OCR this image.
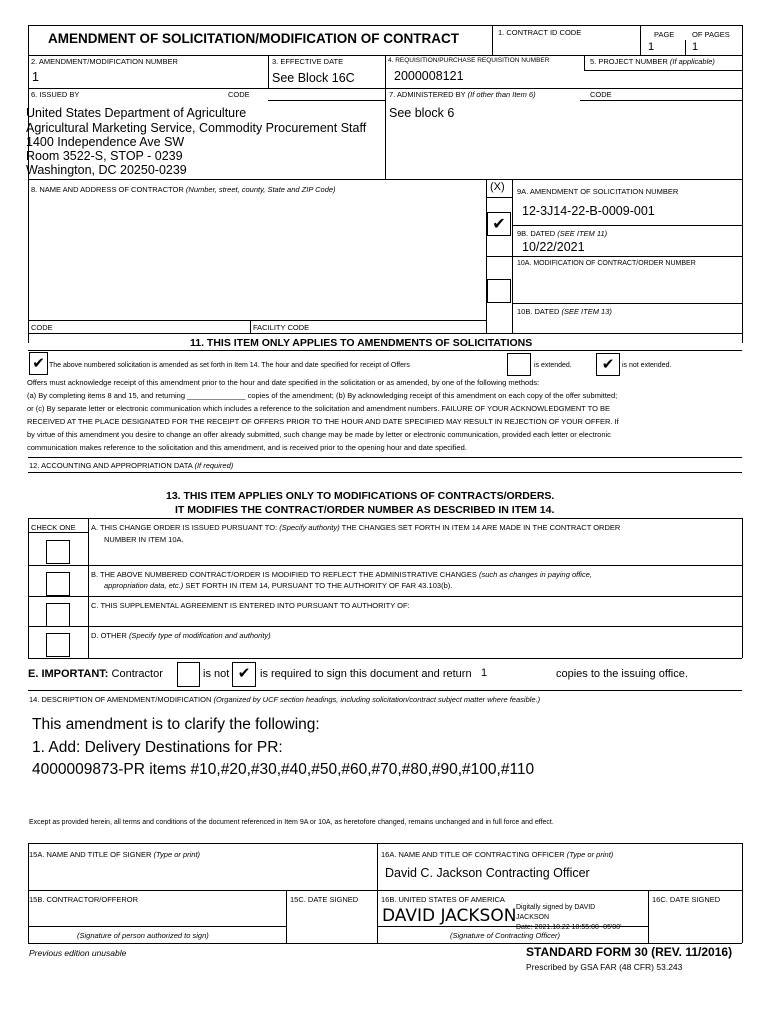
AMENDMENT OF SOLICITATION/MODIFICATION OF CONTRACT	1. CONTRACT ID CODE	PAGE OF PAGES
1	1
2. AMENDMENT/MODIFICATION NUMBER
1
3. EFFECTIVE DATE
See Block 16C
4. REQUISITION/PURCHASE REQUISITION NUMBER
2000008121
5. PROJECT NUMBER (If applicable)
6. ISSUED BY	CODE	7. ADMINISTERED BY (If other than Item 6)	CODE
United States Department of Agriculture
Agricultural Marketing Service, Commodity Procurement Staff
1400 Independence Ave SW
Room 3522-S, STOP - 0239
Washington, DC 20250-0239
See block 6
8. NAME AND ADDRESS OF CONTRACTOR (Number, street, county, State and ZIP Code)	(X) 9A. AMENDMENT OF SOLICITATION NUMBER
12-3J14-22-B-0009-001
✔
9B. DATED (SEE ITEM 11)
10/22/2021
10A. MODIFICATION OF CONTRACT/ORDER NUMBER
10B. DATED (SEE ITEM 13)
CODE	FACILITY CODE
11. THIS ITEM ONLY APPLIES TO AMENDMENTS OF SOLICITATIONS
✔ The above numbered solicitation is amended as set forth in Item 14. The hour and date specified for receipt of Offers	is extended.	✔	is not extended.
Offers must acknowledge receipt of this amendment prior to the hour and date specified in the solicitation or as amended, by one of the following methods:
(a) By completing items 8 and 15, and returning ______________ copies of the amendment; (b) By acknowledging receipt of this amendment on each copy of the offer submitted;
or (c) By separate letter or electronic communication which includes a reference to the solicitation and amendment numbers. FAILURE OF YOUR ACKNOWLEDGMENT TO BE
RECEIVED AT THE PLACE DESIGNATED FOR THE RECEIPT OF OFFERS PRIOR TO THE HOUR AND DATE SPECIFIED MAY RESULT IN REJECTION OF YOUR OFFER. If
by virtue of this amendment you desire to change an offer already submitted, such change may be made by letter or electronic communication, provided each letter or electronic
communication makes reference to the solicitation and this amendment, and is received prior to the opening hour and date specified.
12. ACCOUNTING AND APPROPRIATION DATA (If required)
13. THIS ITEM APPLIES ONLY TO MODIFICATIONS OF CONTRACTS/ORDERS.
IT MODIFIES THE CONTRACT/ORDER NUMBER AS DESCRIBED IN ITEM 14.
CHECK ONE A. THIS CHANGE ORDER IS ISSUED PURSUANT TO: (Specify authority) THE CHANGES SET FORTH IN ITEM 14 ARE MADE IN THE CONTRACT ORDER
NUMBER IN ITEM 10A.
B. THE ABOVE NUMBERED CONTRACT/ORDER IS MODIFIED TO REFLECT THE ADMINISTRATIVE CHANGES (such as changes in paying office,
appropriation data, etc.) SET FORTH IN ITEM 14, PURSUANT TO THE AUTHORITY OF FAR 43.103(b).
C. THIS SUPPLEMENTAL AGREEMENT IS ENTERED INTO PURSUANT TO AUTHORITY OF:
D. OTHER (Specify type of modification and authority)
E. IMPORTANT: Contractor	is not ✔ is required to sign this document and return 1	copies to the issuing office.
14. DESCRIPTION OF AMENDMENT/MODIFICATION (Organized by UCF section headings, including solicitation/contract subject matter where feasible.)
This amendment is to clarify the following:
1. Add: Delivery Destinations for PR:
4000009873-PR items #10,#20,#30,#40,#50,#60,#70,#80,#90,#100,#110
Except as provided herein, all terms and conditions of the document referenced in Item 9A or 10A, as heretofore changed, remains unchanged and in full force and effect.
15A. NAME AND TITLE OF SIGNER (Type or print)	16A. NAME AND TITLE OF CONTRACTING OFFICER (Type or print)
David C. Jackson Contracting Officer
15B. CONTRACTOR/OFFEROR	15C. DATE SIGNED	16B. UNITED STATES OF AMERICA	16C. DATE SIGNED
DAVID JACKSON Digitally signed by DAVID
JACKSON
Date: 2021.10.22 10:55:00 -05'00'
(Signature of person authorized to sign)	(Signature of Contracting Officer)
Previous edition unusable	STANDARD FORM 30 (REV. 11/2016)
Prescribed by GSA FAR (48 CFR) 53.243
